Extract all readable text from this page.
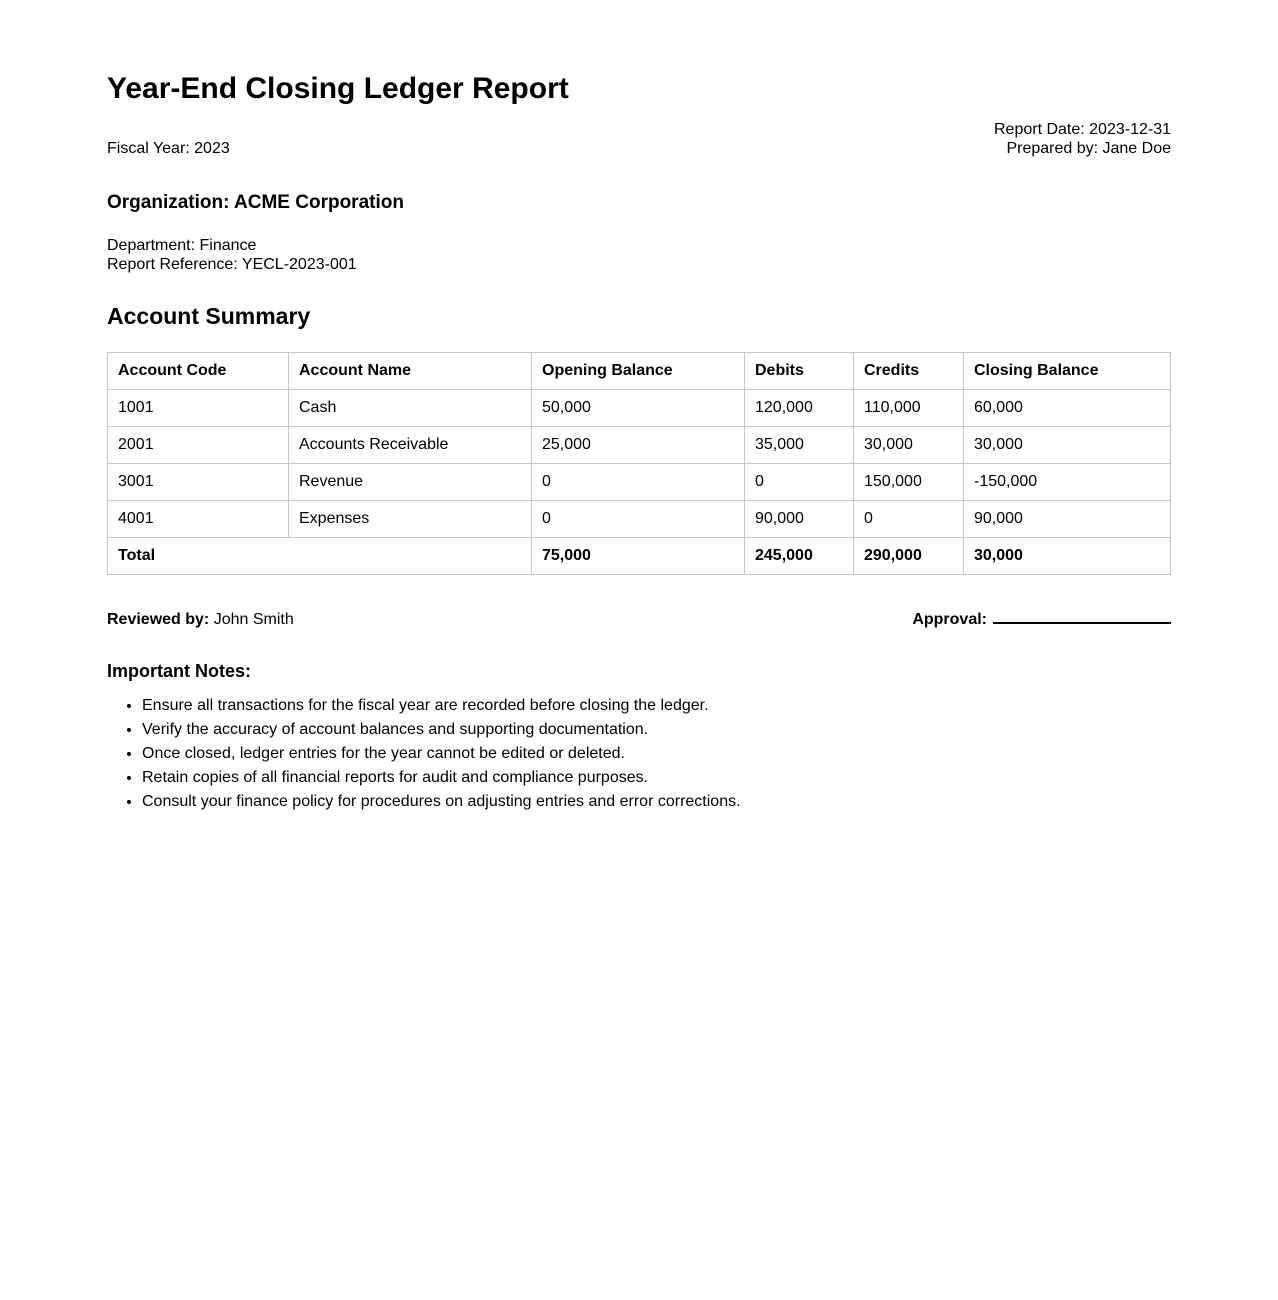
Year-End Closing Ledger Report
Fiscal Year: 2023
Report Date: 2023-12-31
Prepared by: Jane Doe
Organization: ACME Corporation
Department: Finance
Report Reference: YECL-2023-001
Account Summary
Account Code	Account Name	Opening Balance	Debits	Credits	Closing Balance
1001	Cash	50,000	120,000	110,000	60,000
2001	Accounts Receivable	25,000	35,000	30,000	30,000
3001	Revenue	0	0	150,000	-150,000
4001	Expenses	0	90,000	0	90,000
Total		75,000	245,000	290,000	30,000
Reviewed by: John Smith	Approval:
Important Notes:
• Ensure all transactions for the fiscal year are recorded before closing the ledger.
• Verify the accuracy of account balances and supporting documentation.
• Once closed, ledger entries for the year cannot be edited or deleted.
• Retain copies of all financial reports for audit and compliance purposes.
• Consult your finance policy for procedures on adjusting entries and error corrections.
